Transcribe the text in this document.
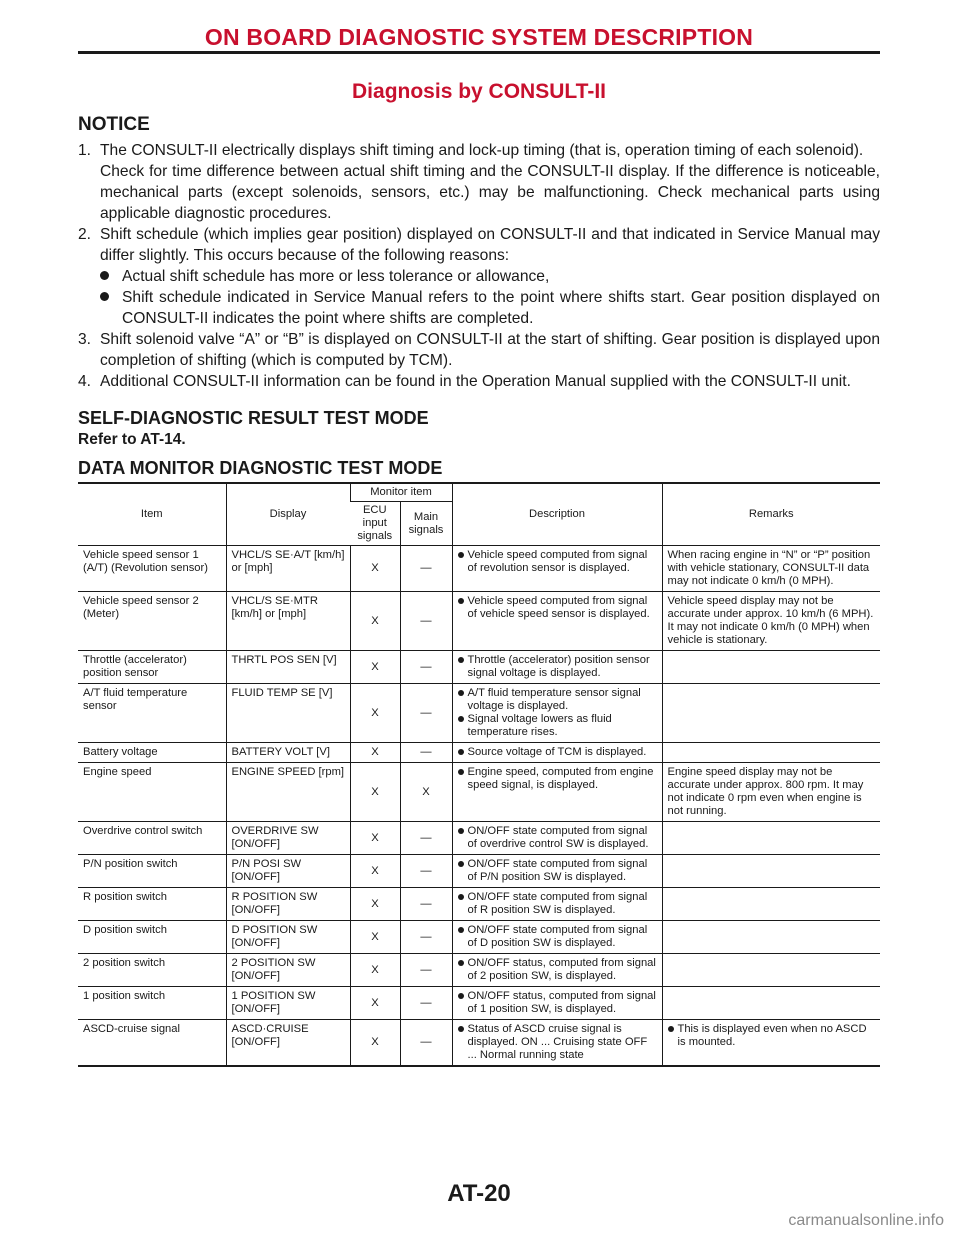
ON BOARD DIAGNOSTIC SYSTEM DESCRIPTION
Diagnosis by CONSULT-II
NOTICE
1. The CONSULT-II electrically displays shift timing and lock-up timing (that is, operation timing of each solenoid).

Check for time difference between actual shift timing and the CONSULT-II display. If the difference is noticeable, mechanical parts (except solenoids, sensors, etc.) may be malfunctioning. Check mechanical parts using applicable diagnostic procedures.

2. Shift schedule (which implies gear position) displayed on CONSULT-II and that indicated in Service Manual may differ slightly. This occurs because of the following reasons:

Actual shift schedule has more or less tolerance or allowance,
Shift schedule indicated in Service Manual refers to the point where shifts start. Gear position displayed on CONSULT-II indicates the point where shifts are completed.
3. Shift solenoid valve “A” or “B” is displayed on CONSULT-II at the start of shifting. Gear position is displayed upon completion of shifting (which is computed by TCM).

4. Additional CONSULT-II information can be found in the Operation Manual supplied with the CONSULT-II unit.

SELF-DIAGNOSTIC RESULT TEST MODE
Refer to AT-14.
DATA MONITOR DIAGNOSTIC TEST MODE
Item	Display	Monitor item		Description	Remarks
		ECU input signals	Main signals		
Vehicle speed sensor 1 (A/T) (Revolution sensor)	VHCL/S SE·A/T [km/h] or [mph]	X	—	Vehicle speed computed from signal of revolution sensor is displayed.	When racing engine in “N” or “P” position with vehicle stationary, CONSULT-II data may not indicate 0 km/h (0 MPH).
Vehicle speed sensor 2 (Meter)	VHCL/S SE·MTR [km/h] or [mph]	X	—	Vehicle speed computed from signal of vehicle speed sensor is displayed.	Vehicle speed display may not be accurate under approx. 10 km/h (6 MPH). It may not indicate 0 km/h (0 MPH) when vehicle is stationary.
Throttle (accelerator) position sensor	THRTL POS SEN [V]	X	—	Throttle (accelerator) position sensor signal voltage is displayed.	

A/T fluid temperature sensor	FLUID TEMP SE [V]	X	—	A/T fluid temperature sensor signal voltage is displayed.
Signal voltage lowers as fluid temperature rises.	

Battery voltage	BATTERY VOLT [V]	X	—	Source voltage of TCM is displayed.	

Engine speed	ENGINE SPEED [rpm]	X	X	Engine speed, computed from engine speed signal, is displayed.	Engine speed display may not be accurate under approx. 800 rpm. It may not indicate 0 rpm even when engine is not running.
Overdrive control switch	OVERDRIVE SW [ON/OFF]	X	—	ON/OFF state computed from signal of overdrive control SW is displayed.	

P/N position switch	P/N POSI SW [ON/OFF]	X	—	ON/OFF state computed from signal of P/N position SW is displayed.	

R position switch	R POSITION SW [ON/OFF]	X	—	ON/OFF state computed from signal of R position SW is displayed.	

D position switch	D POSITION SW [ON/OFF]	X	—	ON/OFF state computed from signal of D position SW is displayed.	

2 position switch	2 POSITION SW [ON/OFF]	X	—	ON/OFF status, computed from signal of 2 position SW, is displayed.	

1 position switch	1 POSITION SW [ON/OFF]	X	—	ON/OFF status, computed from signal of 1 position SW, is displayed.	

ASCD-cruise signal	ASCD·CRUISE [ON/OFF]	X	—	Status of ASCD cruise signal is displayed. ON ... Cruising state OFF ... Normal running state	This is displayed even when no ASCD is mounted.
AT-20
carmanualsonline.info
